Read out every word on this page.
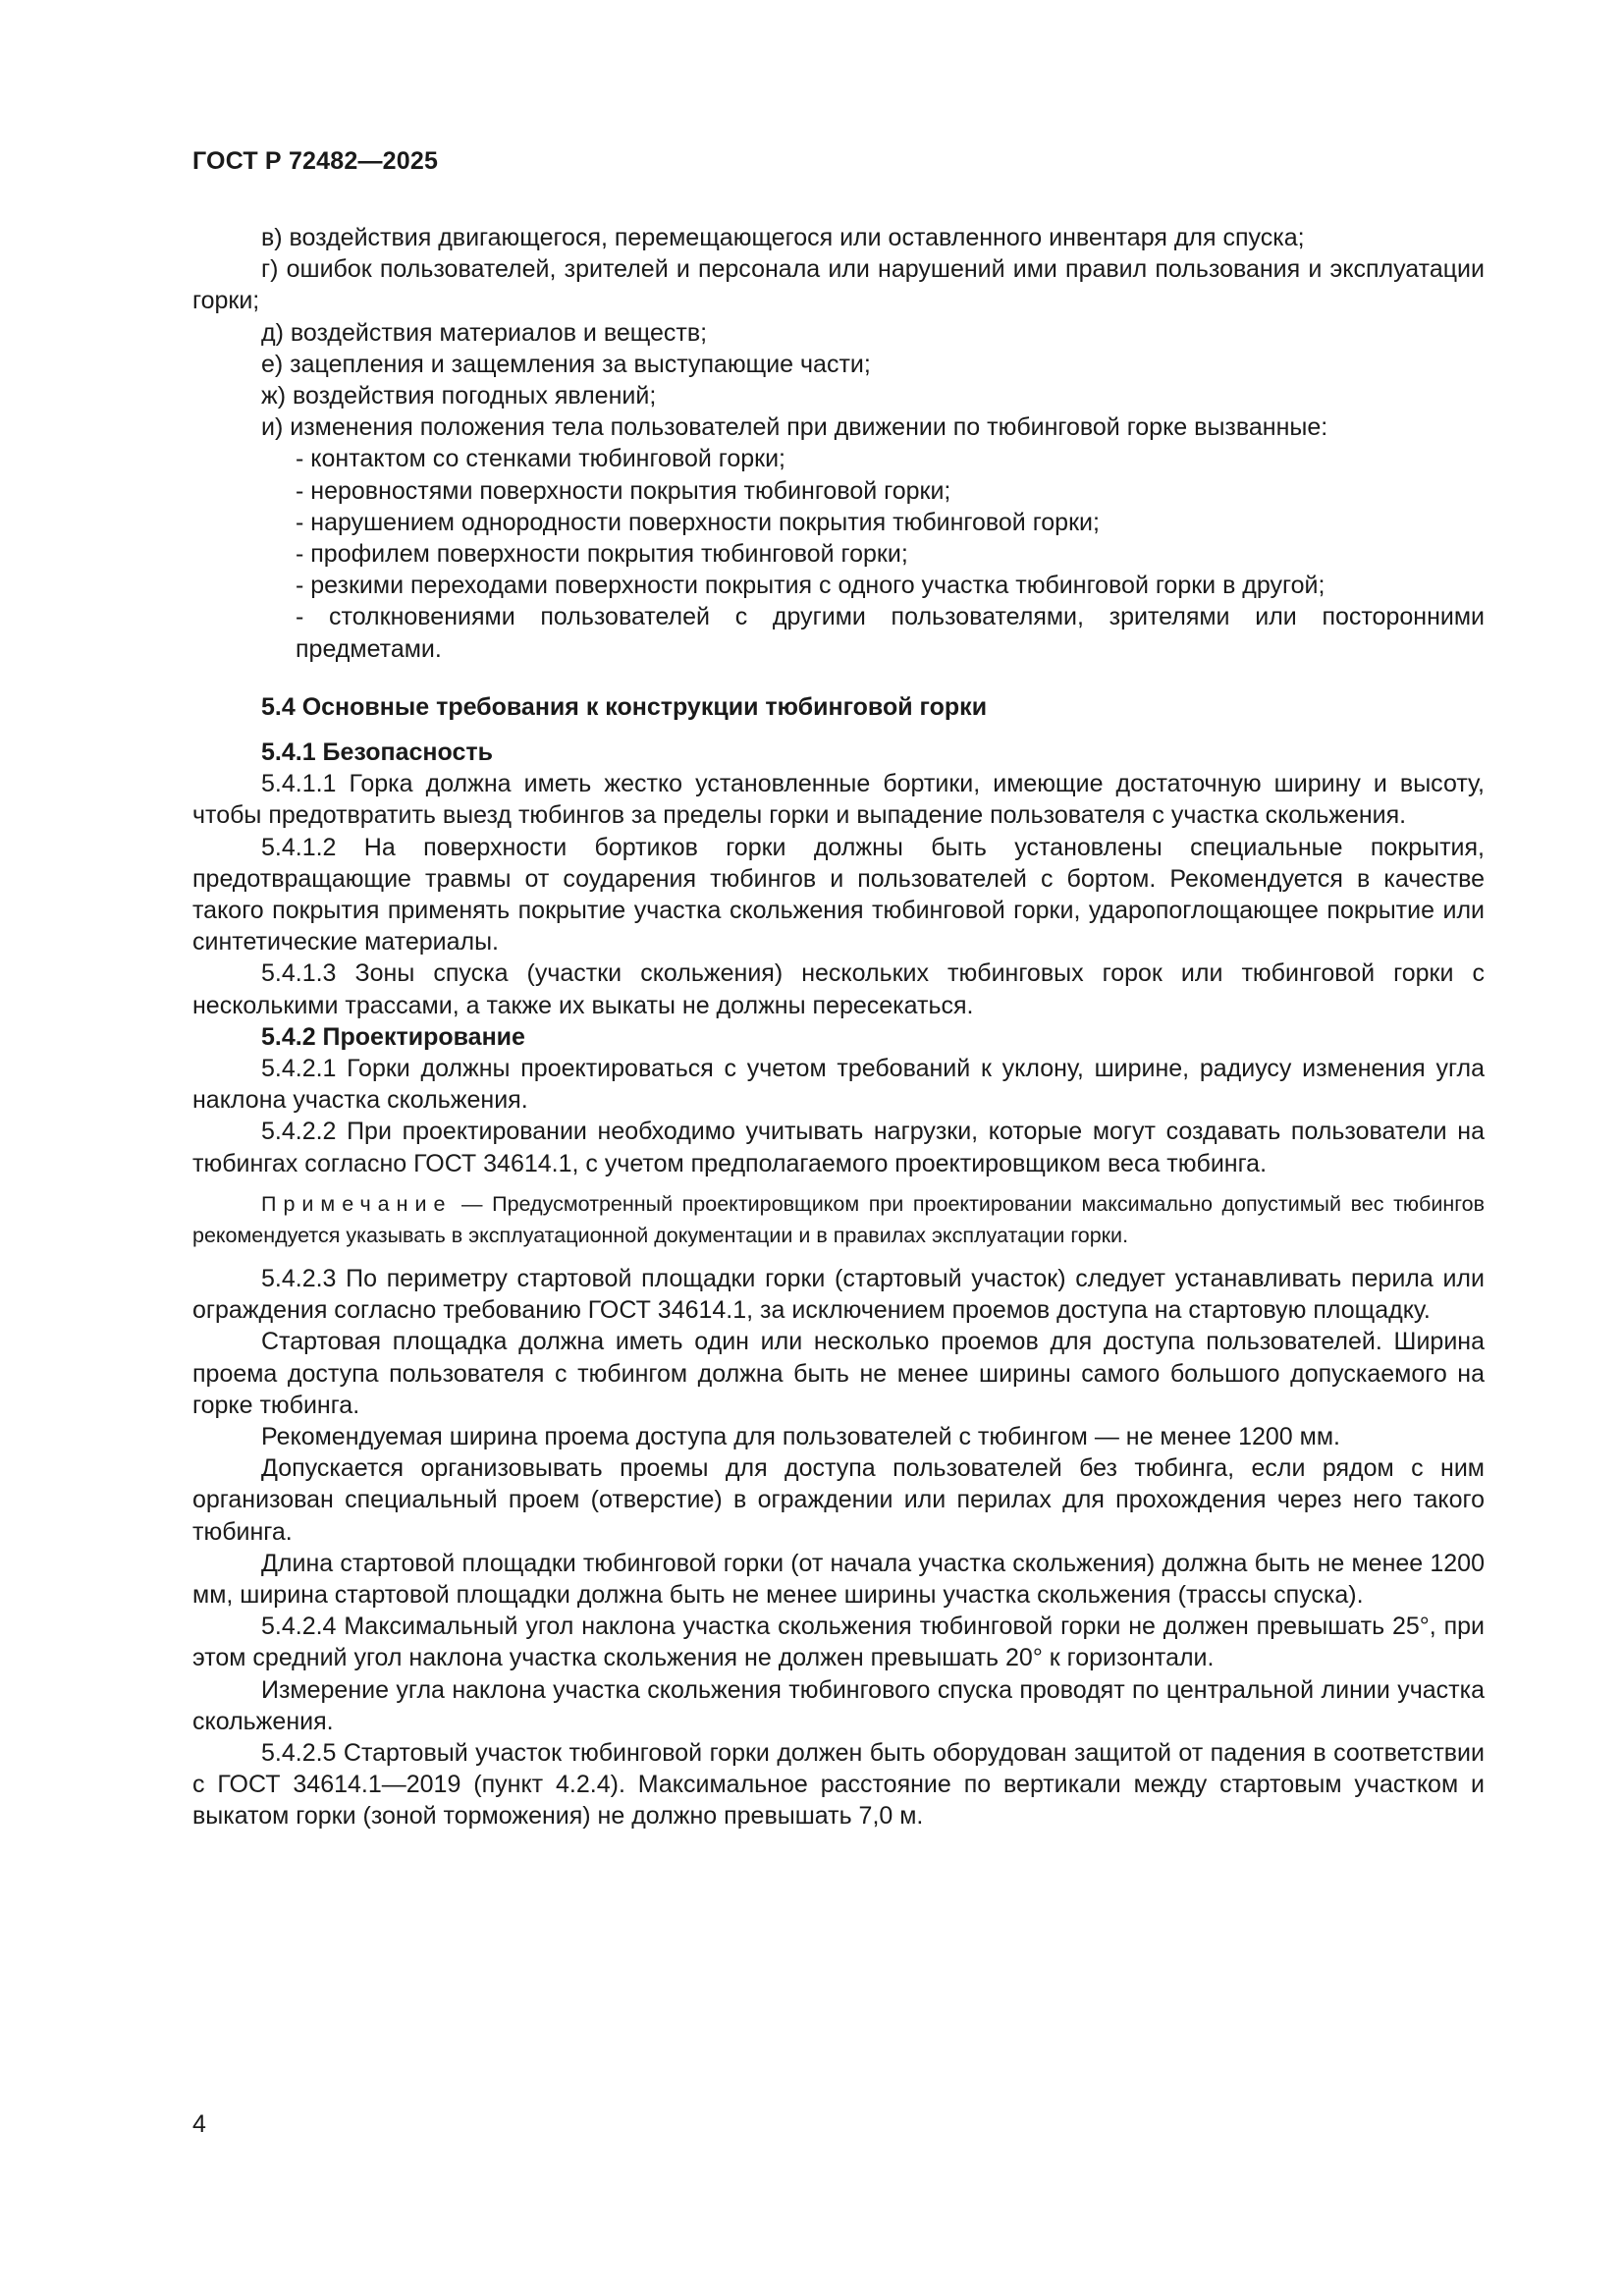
ГОСТ Р 72482—2025

в) воздействия двигающегося, перемещающегося или оставленного инвентаря для спуска;

г) ошибок пользователей, зрителей и персонала или нарушений ими правил пользования и эксплуатации горки;

д) воздействия материалов и веществ;

е) зацепления и защемления за выступающие части;

ж) воздействия погодных явлений;

и) изменения положения тела пользователей при движении по тюбинговой горке вызванные:

- контактом со стенками тюбинговой горки;

- неровностями поверхности покрытия тюбинговой горки;

- нарушением однородности поверхности покрытия тюбинговой горки;

- профилем поверхности покрытия тюбинговой горки;

- резкими переходами поверхности покрытия с одного участка тюбинговой горки в другой;

- столкновениями пользователей с другими пользователями, зрителями или посторонними предметами.

5.4 Основные требования к конструкции тюбинговой горки

5.4.1 Безопасность

5.4.1.1 Горка должна иметь жестко установленные бортики, имеющие достаточную ширину и высоту, чтобы предотвратить выезд тюбингов за пределы горки и выпадение пользователя с участка скольжения.

5.4.1.2 На поверхности бортиков горки должны быть установлены специальные покрытия, предотвращающие травмы от соударения тюбингов и пользователей с бортом. Рекомендуется в качестве такого покрытия применять покрытие участка скольжения тюбинговой горки, ударопоглощающее покрытие или синтетические материалы.

5.4.1.3 Зоны спуска (участки скольжения) нескольких тюбинговых горок или тюбинговой горки с несколькими трассами, а также их выкаты не должны пересекаться.

5.4.2 Проектирование

5.4.2.1 Горки должны проектироваться с учетом требований к уклону, ширине, радиусу изменения угла наклона участка скольжения.

5.4.2.2 При проектировании необходимо учитывать нагрузки, которые могут создавать пользователи на тюбингах согласно ГОСТ 34614.1, с учетом предполагаемого проектировщиком веса тюбинга.

Примечание — Предусмотренный проектировщиком при проектировании максимально допустимый вес тюбингов рекомендуется указывать в эксплуатационной документации и в правилах эксплуатации горки.

5.4.2.3 По периметру стартовой площадки горки (стартовый участок) следует устанавливать перила или ограждения согласно требованию ГОСТ 34614.1, за исключением проемов доступа на стартовую площадку.

Стартовая площадка должна иметь один или несколько проемов для доступа пользователей. Ширина проема доступа пользователя с тюбингом должна быть не менее ширины самого большого допускаемого на горке тюбинга.

Рекомендуемая ширина проема доступа для пользователей с тюбингом — не менее 1200 мм.

Допускается организовывать проемы для доступа пользователей без тюбинга, если рядом с ним организован специальный проем (отверстие) в ограждении или перилах для прохождения через него такого тюбинга.

Длина стартовой площадки тюбинговой горки (от начала участка скольжения) должна быть не менее 1200 мм, ширина стартовой площадки должна быть не менее ширины участка скольжения (трассы спуска).

5.4.2.4 Максимальный угол наклона участка скольжения тюбинговой горки не должен превышать 25°, при этом средний угол наклона участка скольжения не должен превышать 20° к горизонтали.

Измерение угла наклона участка скольжения тюбингового спуска проводят по центральной линии участка скольжения.

5.4.2.5 Стартовый участок тюбинговой горки должен быть оборудован защитой от падения в соответствии с ГОСТ 34614.1—2019 (пункт 4.2.4). Максимальное расстояние по вертикали между стартовым участком и выкатом горки (зоной торможения) не должно превышать 7,0 м.

4
